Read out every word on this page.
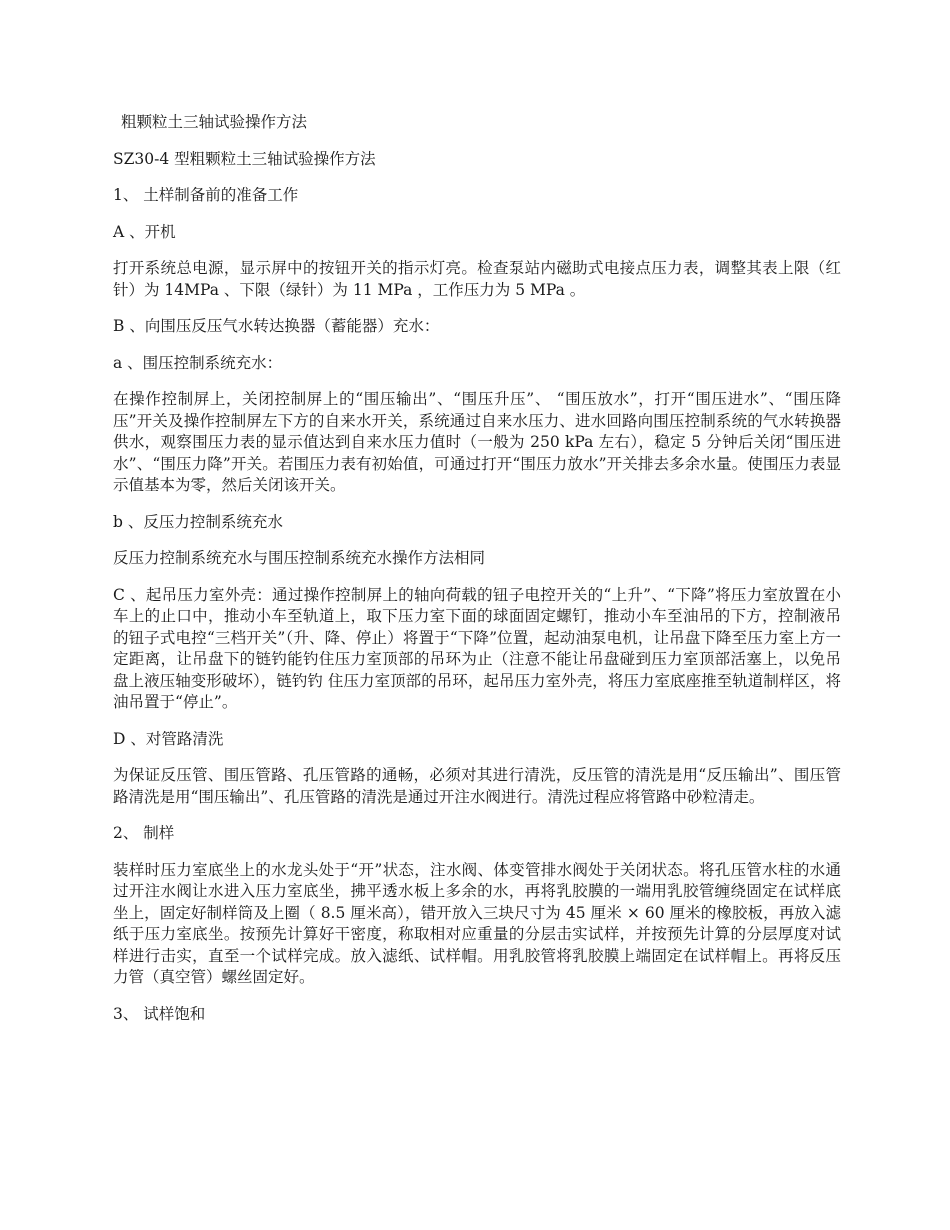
粗颗粒土三轴试验操作方法

SZ30-4 型粗颗粒土三轴试验操作方法

1、 土样制备前的准备工作

A 、开机

打开系统总电源，显示屏中的按钮开关的指示灯亮。检查泵站内磁助式电接点压力表，调整其表上限（红针）为 14MPa 、下限（绿针）为 11 MPa ，工作压力为 5 MPa 。

B 、向围压反压气水转达换器（蓄能器）充水：

a 、围压控制系统充水：

在操作控制屏上，关闭控制屏上的“围压输出”、“围压升压”、 “围压放水”，打开“围压进水”、“围压降压”开关及操作控制屏左下方的自来水开关，系统通过自来水压力、进水回路向围压控制系统的气水转换器供水，观察围压力表的显示值达到自来水压力值时（一般为 250 kPa 左右），稳定 5 分钟后关闭“围压进水”、“围压力降”开关。若围压力表有初始值，可通过打开“围压力放水”开关排去多余水量。使围压力表显示值基本为零，然后关闭该开关。

b 、反压力控制系统充水

反压力控制系统充水与围压控制系统充水操作方法相同

C 、起吊压力室外壳：通过操作控制屏上的轴向荷载的钮子电控开关的“上升”、“下降”将压力室放置在小车上的止口中，推动小车至轨道上，取下压力室下面的球面固定螺钉，推动小车至油吊的下方，控制液吊的钮子式电控“三档开关”（升、降、停止）将置于“下降”位置，起动油泵电机，让吊盘下降至压力室上方一定距离，让吊盘下的链钓能钓住压力室顶部的吊环为止（注意不能让吊盘碰到压力室顶部活塞上，以免吊盘上液压轴变形破坏），链钓钓 住压力室顶部的吊环，起吊压力室外壳，将压力室底座推至轨道制样区，将油吊置于“停止”。

D 、对管路清洗

为保证反压管、围压管路、孔压管路的通畅，必须对其进行清洗，反压管的清洗是用“反压输出”、围压管路清洗是用“围压输出”、孔压管路的清洗是通过开注水阀进行。清洗过程应将管路中砂粒清走。

2、 制样

装样时压力室底坐上的水龙头处于“开”状态，注水阀、体变管排水阀处于关闭状态。将孔压管水柱的水通过开注水阀让水进入压力室底坐，拂平透水板上多余的水，再将乳胶膜的一端用乳胶管缠绕固定在试样底坐上，固定好制样筒及上圈（ 8.5 厘米高），错开放入三块尺寸为 45 厘米 × 60 厘米的橡胶板，再放入滤纸于压力室底坐。按预先计算好干密度，称取相对应重量的分层击实试样，并按预先计算的分层厚度对试样进行击实，直至一个试样完成。放入滤纸、试样帽。用乳胶管将乳胶膜上端固定在试样帽上。再将反压力管（真空管）螺丝固定好。

3、 试样饱和
